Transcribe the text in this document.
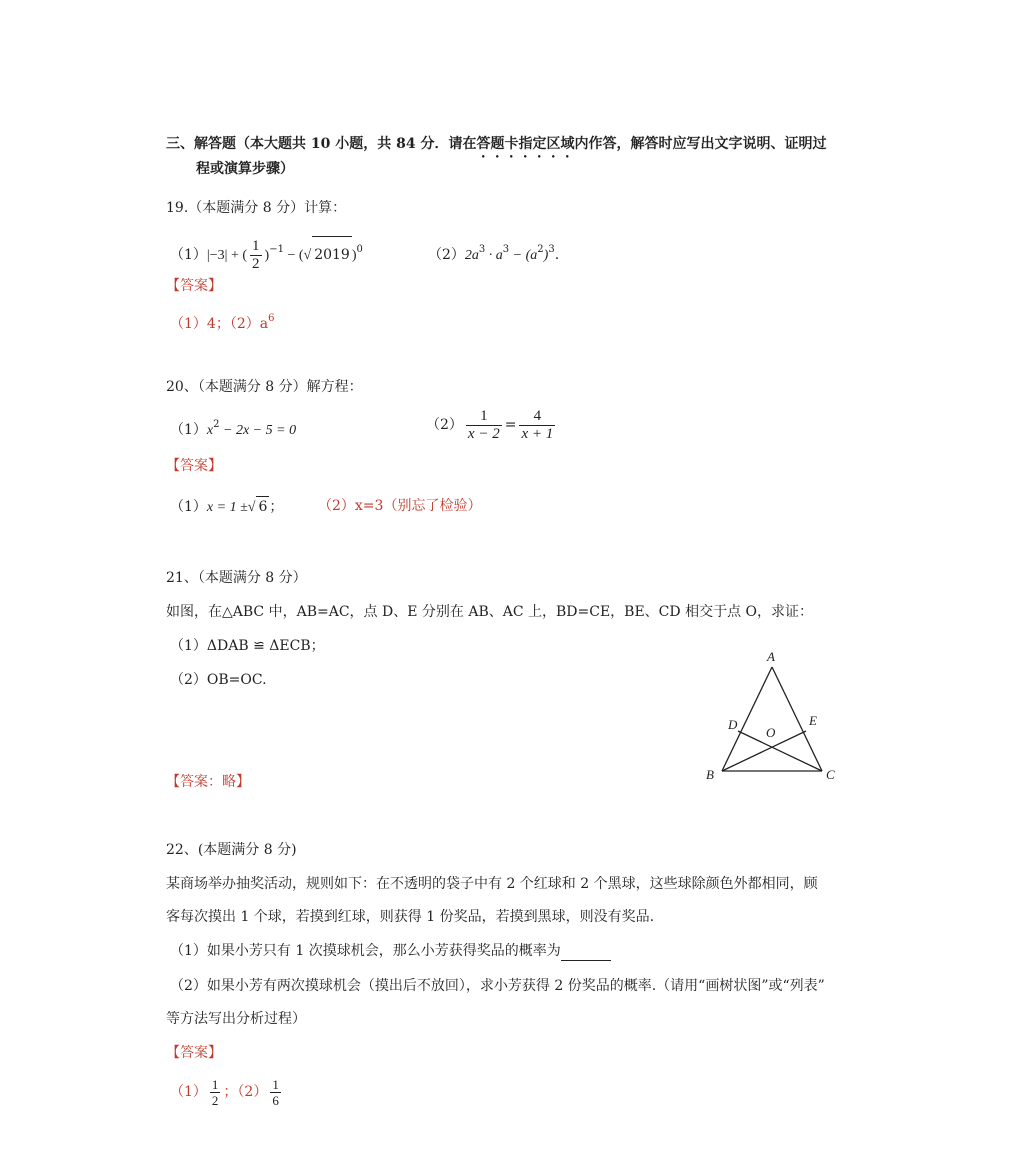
三、解答题（本大题共 10 小题，共 84 分．请在答题卡指定区域内作答，解答时应写出文字说明、证明过
程或演算步骤）
19.（本题满分 8 分）计算：
（1）|−3| + ( $\frac{1}{2} )^{-1}$ − (√ 2019 )$^0$	$(2)2a^3 \cdot a^3 - (a^2)^3$.
【答案】
（1）4；$(2)a^6$
20、（本题满分 8 分）解方程：
$(1)x^2 - 2x - 5 = 0$	$(2) \frac{1}{x - 2} = \frac{4}{x + 1}$
【答案】
（1）x = 1 ±√ 6 ； （2）x=3（别忘了检验）
21、（本题满分 8 分）
如图，在△ABC 中，AB=AC，点 D、E 分别在 AB、AC 上，BD=CE，BE、CD 相交于点 O，求证：
（1）ΔDAB ≌ ΔECB；
（2）OB=OC.
A
B	C
D	E
O
【答案：略】
22、(本题满分 8 分)
某商场举办抽奖活动，规则如下：在不透明的袋子中有 2 个红球和 2 个黑球，这些球除颜色外都相同，顾
客每次摸出 1 个球，若摸到红球，则获得 1 份奖品，若摸到黑球，则没有奖品.
（1）如果小芳只有 1 次摸球机会，那么小芳获得奖品的概率为
（2）如果小芳有两次摸球机会（摸出后不放回），求小芳获得 2 份奖品的概率.（请用“画树状图”或“列表”
等方法写出分析过程）
【答案】
$(1) \frac{1}{2}$ ；$(2) \frac{1}{6}$
